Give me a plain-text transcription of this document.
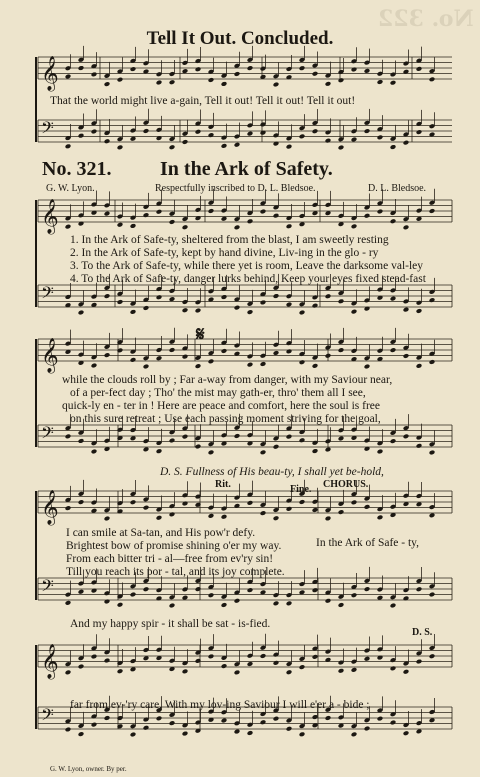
No. 322
𝄞
𝄢
𝄞
𝄢
𝄞
𝄢
𝄞
𝄢
𝄞
𝄢
Tell It Out. Concluded.
That the world might live a-gain, Tell it out! Tell it out! Tell it out!
No. 321. In the Ark of Safety.
G. W. Lyon.	Respectfully inscribed to D. L. Bledsoe.	D. L. Bledsoe.
1. In the Ark of Safe-ty, sheltered from the blast, I am sweetly resting
2. In the Ark of Safe-ty, kept by hand divine, Liv-ing in the glo - ry
3. To the Ark of Safe-ty, while there yet is room, Leave the darksome val-ley
4. To the Ark of Safe-ty, danger lurks behind, Keep your eyes fixed stead-fast
𝄋
while the clouds roll by ; Far a-way from danger, with my Saviour near,
of a per-fect day ; Tho' the mist may gath-er, thro' them all I see,
quick-ly en - ter in ! Here are peace and comfort, here the soul is free
on this sure retreat ; Use each passing moment striving for the goal,
D. S. Fullness of His beau-ty, I shall yet be-hold,
Rit.	Fine. CHORUS.
I can smile at Sa-tan, and His pow'r defy.
Brightest bow of promise shining o'er my way.
From each bitter tri - al—free from ev'ry sin!
Till you reach its por - tal, and its joy complete.
In the Ark of Safe - ty,
And my happy spir - it shall be sat - is-fied.
D. S.
far from ev-'ry care, With my lov-ing Saviour I will e'er a - bide ;
G. W. Lyon, owner. By per.
